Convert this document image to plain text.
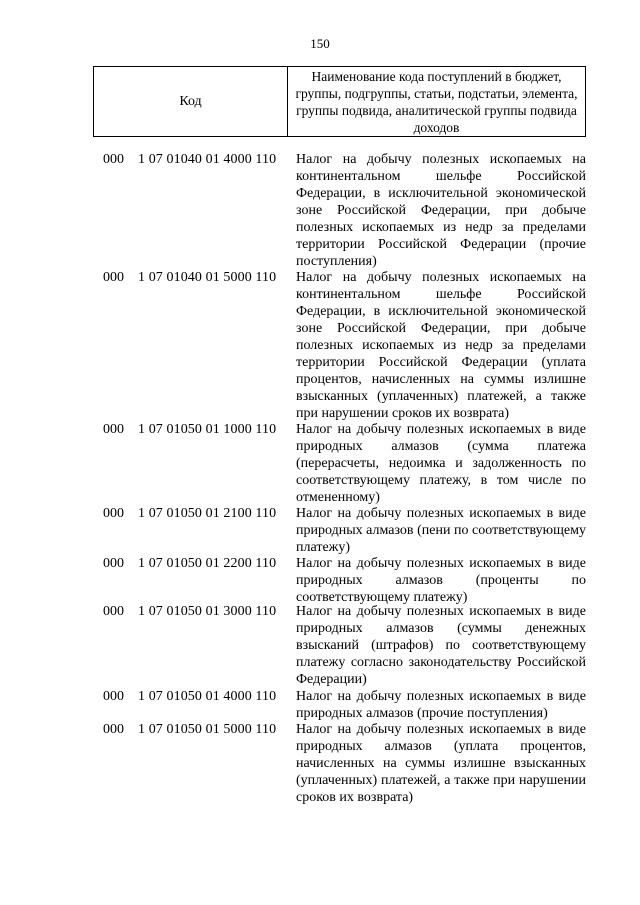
150
Код
Наименование кода поступлений в бюджет, группы, подгруппы, статьи, подстатьи, элемента, группы подвида, аналитической группы подвида доходов
000 1 07 01040 01 4000 110 Налог на добычу полезных ископаемых на континентальном шельфе Российской Федерации, в исключительной экономической зоне Российской Федерации, при добыче полезных ископаемых из недр за пределами территории Российской Федерации (прочие поступления)
000 1 07 01040 01 5000 110 Налог на добычу полезных ископаемых на континентальном шельфе Российской Федерации, в исключительной экономической зоне Российской Федерации, при добыче полезных ископаемых из недр за пределами территории Российской Федерации (уплата процентов, начисленных на суммы излишне взысканных (уплаченных) платежей, а также при нарушении сроков их возврата)
000 1 07 01050 01 1000 110 Налог на добычу полезных ископаемых в виде природных алмазов (сумма платежа (перерасчеты, недоимка и задолженность по соответствующему платежу, в том числе по отмененному)
000 1 07 01050 01 2100 110 Налог на добычу полезных ископаемых в виде природных алмазов (пени по соответствующему платежу)
000 1 07 01050 01 2200 110 Налог на добычу полезных ископаемых в виде природных алмазов (проценты по соответствующему платежу)
000 1 07 01050 01 3000 110 Налог на добычу полезных ископаемых в виде природных алмазов (суммы денежных взысканий (штрафов) по соответствующему платежу согласно законодательству Российской Федерации)
000 1 07 01050 01 4000 110 Налог на добычу полезных ископаемых в виде природных алмазов (прочие поступления)
000 1 07 01050 01 5000 110 Налог на добычу полезных ископаемых в виде природных алмазов (уплата процентов, начисленных на суммы излишне взысканных (уплаченных) платежей, а также при нарушении сроков их возврата)
